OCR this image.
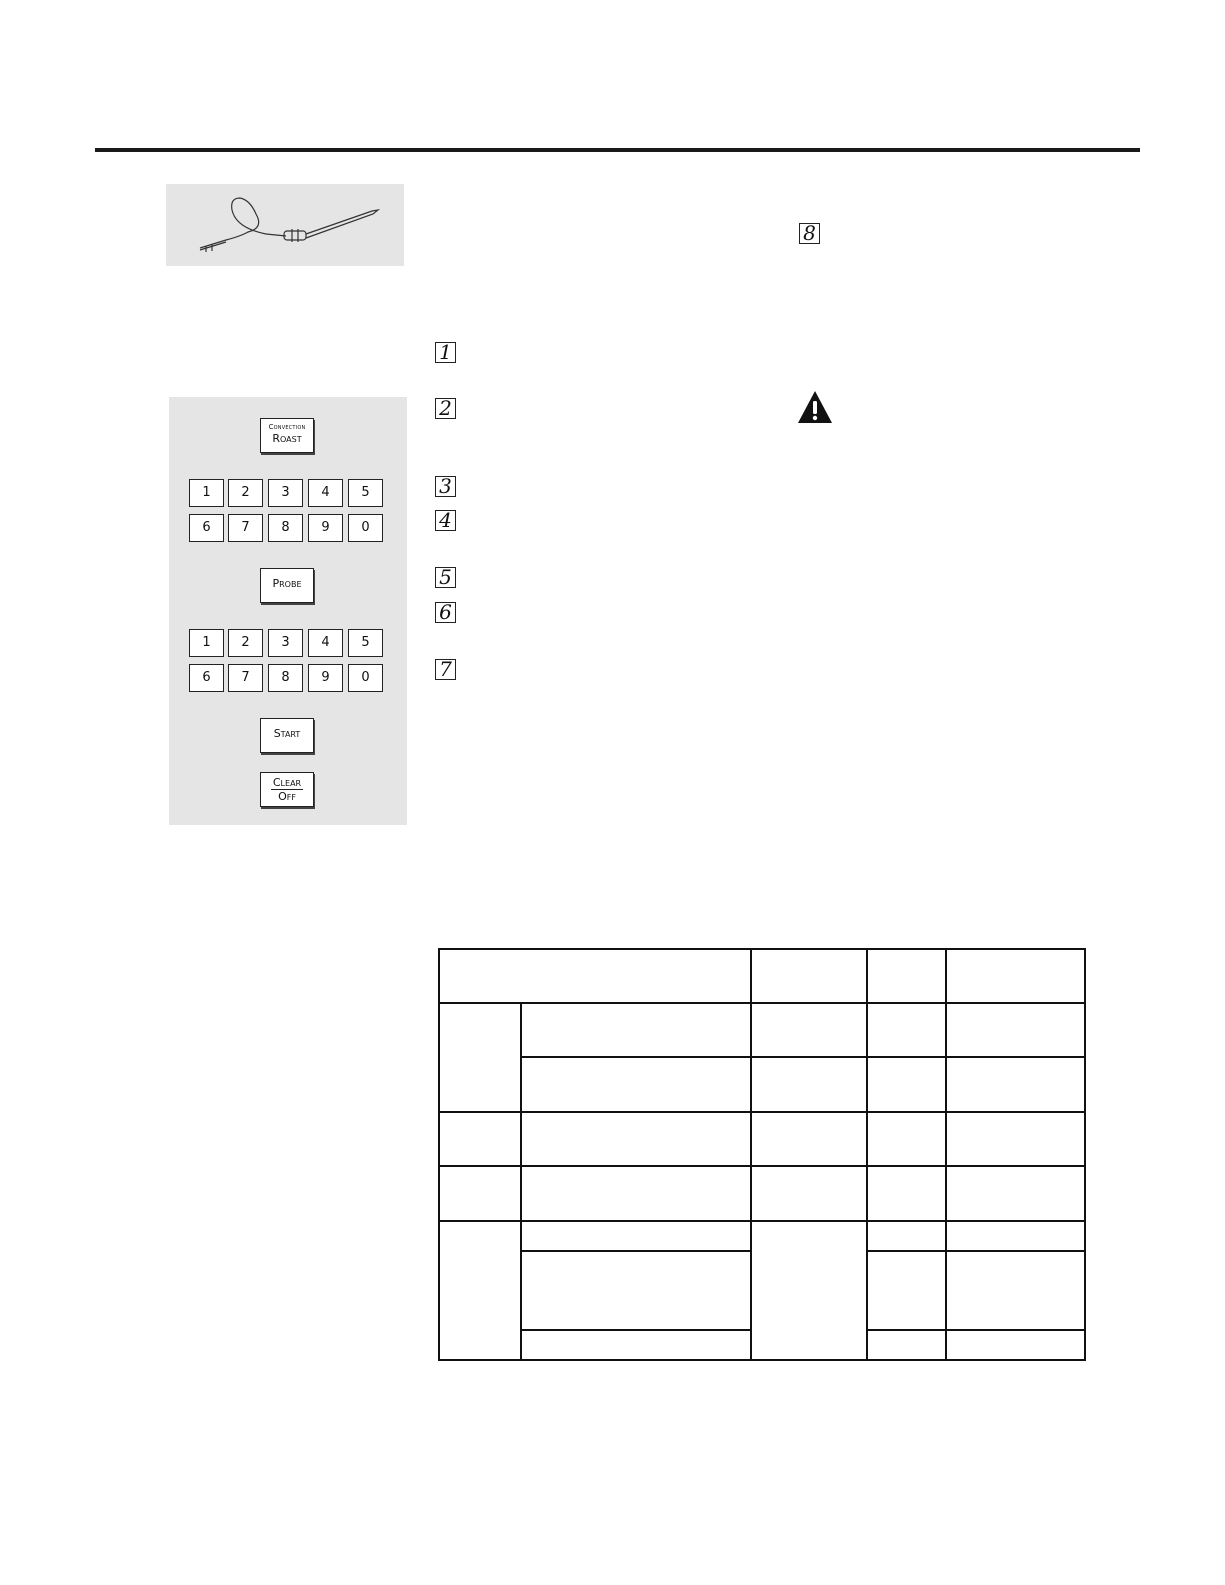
8
1
2
3
4
5
6
7
Convection
Roast
1	2	3	4	5
6	7	8	9	0
Probe
1	2	3	4	5
6	7	8	9	0
Start
Clear
Off
